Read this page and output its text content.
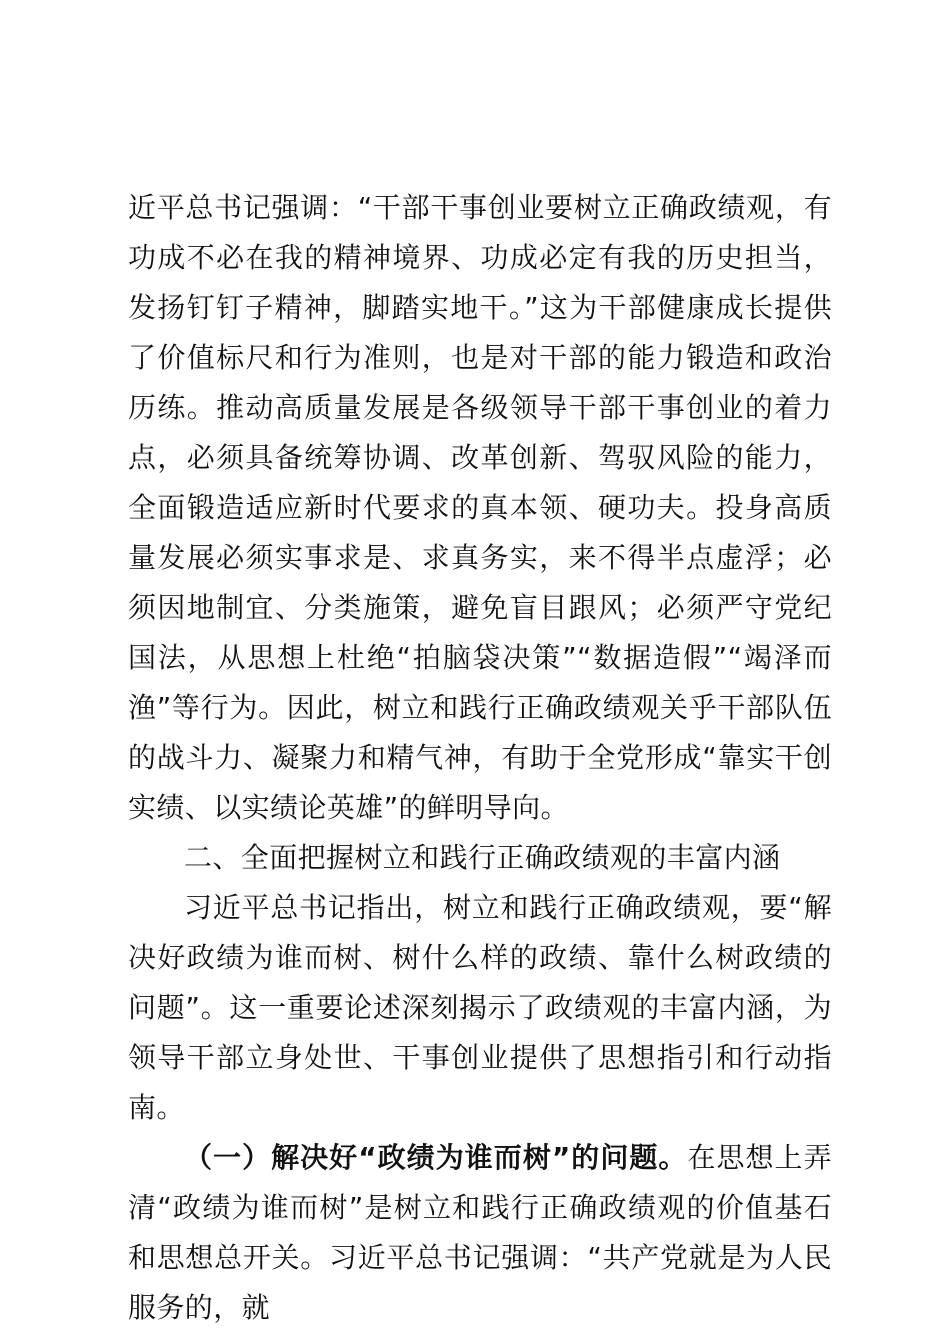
近平总书记强调：“干部干事创业要树立正确政绩观，有功成不必在我的精神境界、功成必定有我的历史担当，发扬钉钉子精神，脚踏实地干。”这为干部健康成长提供了价值标尺和行为准则，也是对干部的能力锻造和政治历练。推动高质量发展是各级领导干部干事创业的着力点，必须具备统筹协调、改革创新、驾驭风险的能力，全面锻造适应新时代要求的真本领、硬功夫。投身高质量发展必须实事求是、求真务实，来不得半点虚浮；必须因地制宜、分类施策，避免盲目跟风；必须严守党纪国法，从思想上杜绝“拍脑袋决策”“数据造假”“竭泽而渔”等行为。因此，树立和践行正确政绩观关乎干部队伍的战斗力、凝聚力和精气神，有助于全党形成“靠实干创实绩、以实绩论英雄”的鲜明导向。

二、全面把握树立和践行正确政绩观的丰富内涵

习近平总书记指出，树立和践行正确政绩观，要“解决好政绩为谁而树、树什么样的政绩、靠什么树政绩的问题”。这一重要论述深刻揭示了政绩观的丰富内涵，为领导干部立身处世、干事创业提供了思想指引和行动指南。

（一）解决好“政绩为谁而树”的问题。在思想上弄清“政绩为谁而树”是树立和践行正确政绩观的价值基石和思想总开关。习近平总书记强调：“共产党就是为人民服务的，就
